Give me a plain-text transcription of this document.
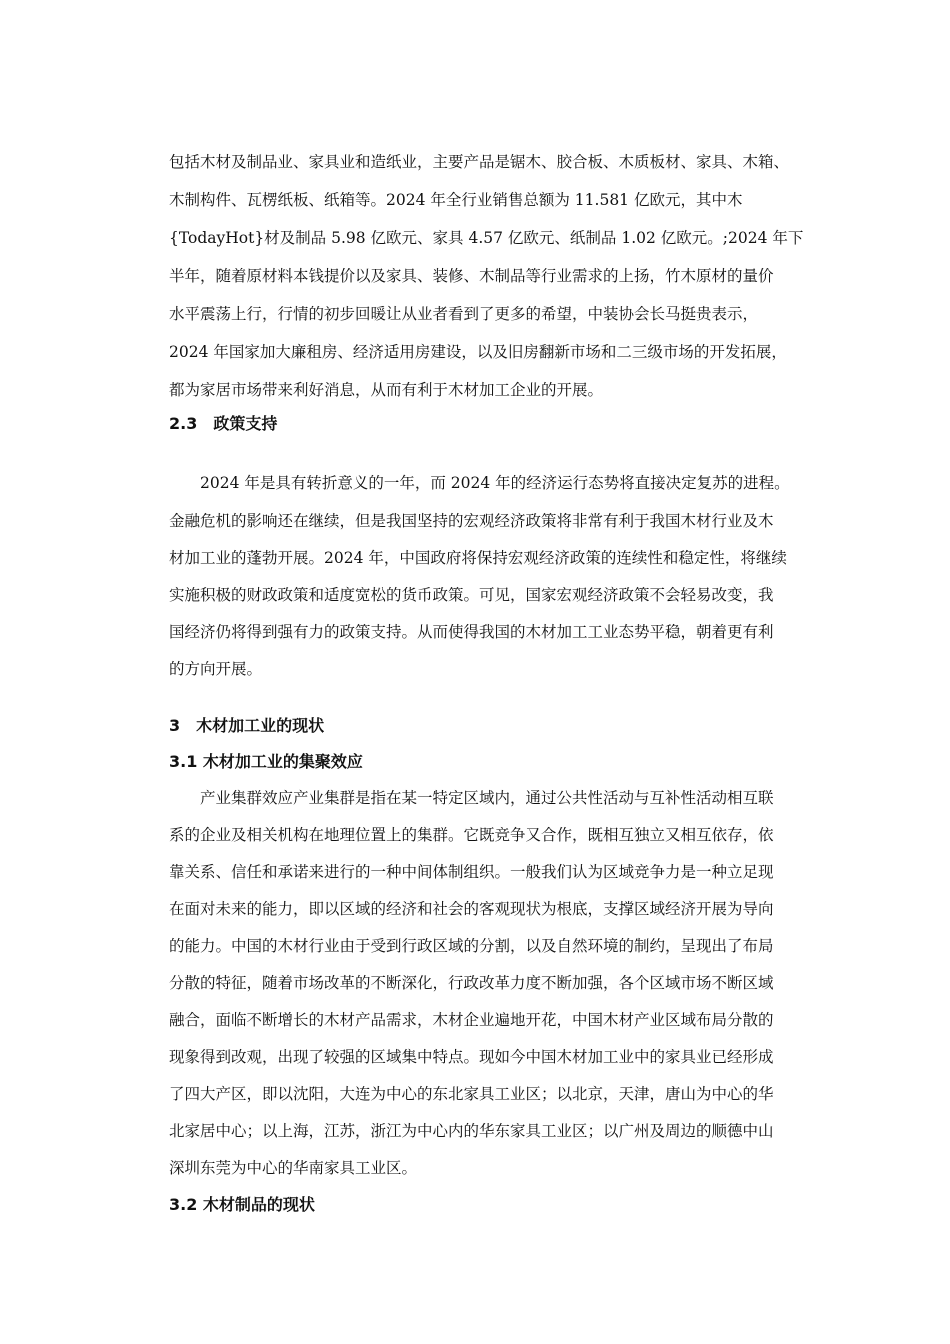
包括木材及制品业、家具业和造纸业，主要产品是锯木、胶合板、木质板材、家具、木箱、

木制构件、瓦楞纸板、纸箱等。2024 年全行业销售总额为 11.581 亿欧元，其中木

{TodayHot}材及制品 5.98 亿欧元、家具 4.57 亿欧元、纸制品 1.02 亿欧元。;2024 年下

半年，随着原材料本钱提价以及家具、装修、木制品等行业需求的上扬，竹木原材的量价

水平震荡上行，行情的初步回暖让从业者看到了更多的希望，中装协会长马挺贵表示，

2024 年国家加大廉租房、经济适用房建设，以及旧房翻新市场和二三级市场的开发拓展，

都为家居市场带来利好消息，从而有利于木材加工企业的开展。

2.3　政策支持

2024 年是具有转折意义的一年，而 2024 年的经济运行态势将直接决定复苏的进程。

金融危机的影响还在继续，但是我国坚持的宏观经济政策将非常有利于我国木材行业及木

材加工业的蓬勃开展。2024 年，中国政府将保持宏观经济政策的连续性和稳定性，将继续

实施积极的财政政策和适度宽松的货币政策。可见，国家宏观经济政策不会轻易改变，我

国经济仍将得到强有力的政策支持。从而使得我国的木材加工工业态势平稳，朝着更有利

的方向开展。

3　木材加工业的现状
3.1 木材加工业的集聚效应

产业集群效应产业集群是指在某一特定区域内，通过公共性活动与互补性活动相互联

系的企业及相关机构在地理位置上的集群。它既竞争又合作，既相互独立又相互依存，依

靠关系、信任和承诺来进行的一种中间体制组织。一般我们认为区域竞争力是一种立足现

在面对未来的能力，即以区域的经济和社会的客观现状为根底，支撑区域经济开展为导向

的能力。中国的木材行业由于受到行政区域的分割，以及自然环境的制约，呈现出了布局

分散的特征，随着市场改革的不断深化，行政改革力度不断加强，各个区域市场不断区域

融合，面临不断增长的木材产品需求，木材企业遍地开花，中国木材产业区域布局分散的

现象得到改观，出现了较强的区域集中特点。现如今中国木材加工业中的家具业已经形成

了四大产区，即以沈阳，大连为中心的东北家具工业区；以北京，天津，唐山为中心的华

北家居中心；以上海，江苏，浙江为中心内的华东家具工业区；以广州及周边的顺德中山

深圳东莞为中心的华南家具工业区。

3.2 木材制品的现状
